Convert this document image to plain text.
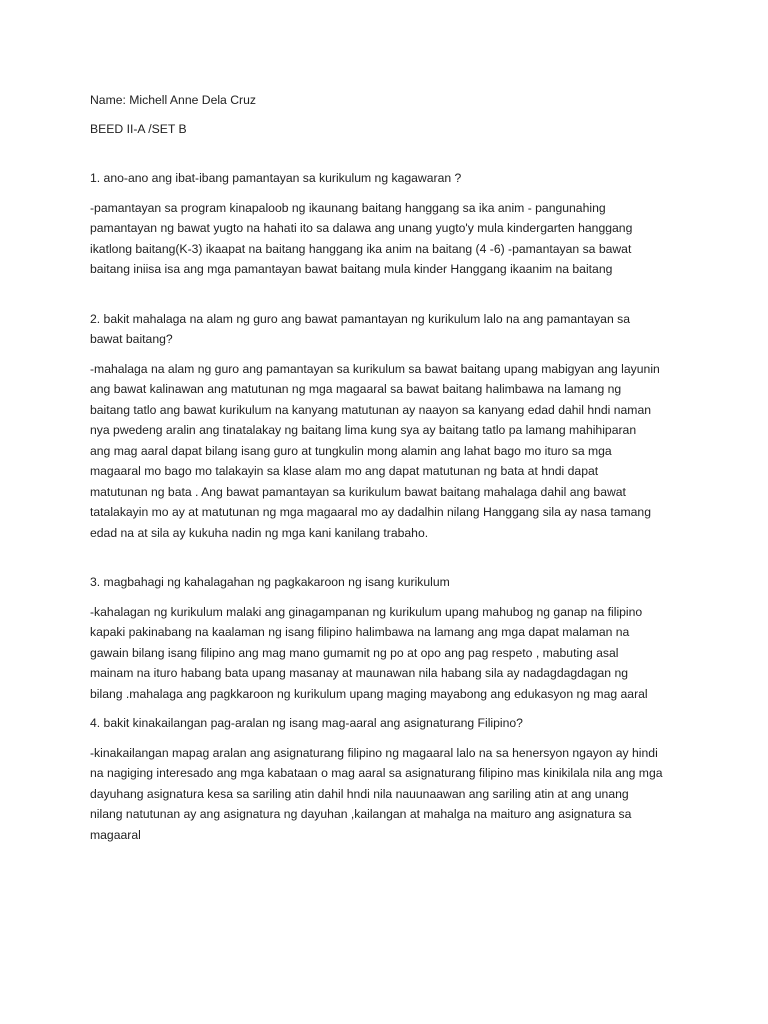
Name: Michell Anne Dela Cruz

BEED II-A /SET B

1. ano-ano ang ibat-ibang pamantayan sa kurikulum ng kagawaran ?

-pamantayan sa program kinapaloob ng ikaunang baitang hanggang sa ika anim - pangunahing
pamantayan ng bawat yugto na hahati ito sa dalawa ang unang yugto'y mula kindergarten hanggang
ikatlong baitang(K-3) ikaapat na baitang hanggang ika anim na baitang (4 -6) -pamantayan sa bawat
baitang iniisa isa ang mga pamantayan bawat baitang mula kinder Hanggang ikaanim na baitang

2. bakit mahalaga na alam ng guro ang bawat pamantayan ng kurikulum lalo na ang pamantayan sa
bawat baitang?

-mahalaga na alam ng guro ang pamantayan sa kurikulum sa bawat baitang upang mabigyan ang layunin
ang bawat kalinawan ang matutunan ng mga magaaral sa bawat baitang halimbawa na lamang ng
baitang tatlo ang bawat kurikulum na kanyang matutunan ay naayon sa kanyang edad dahil hndi naman
nya pwedeng aralin ang tinatalakay ng baitang lima kung sya ay baitang tatlo pa lamang mahihiparan
ang mag aaral dapat bilang isang guro at tungkulin mong alamin ang lahat bago mo ituro sa mga
magaaral mo bago mo talakayin sa klase alam mo ang dapat matutunan ng bata at hndi dapat
matutunan ng bata . Ang bawat pamantayan sa kurikulum bawat baitang mahalaga dahil ang bawat
tatalakayin mo ay at matutunan ng mga magaaral mo ay dadalhin nilang Hanggang sila ay nasa tamang
edad na at sila ay kukuha nadin ng mga kani kanilang trabaho.

3. magbahagi ng kahalagahan ng pagkakaroon ng isang kurikulum

-kahalagan ng kurikulum malaki ang ginagampanan ng kurikulum upang mahubog ng ganap na filipino
kapaki pakinabang na kaalaman ng isang filipino halimbawa na lamang ang mga dapat malaman na
gawain bilang isang filipino ang mag mano gumamit ng po at opo ang pag respeto , mabuting asal
mainam na ituro habang bata upang masanay at maunawan nila habang sila ay nadagdagdagan ng
bilang .mahalaga ang pagkkaroon ng kurikulum upang maging mayabong ang edukasyon ng mag aaral

4. bakit kinakailangan pag-aralan ng isang mag-aaral ang asignaturang Filipino?

-kinakailangan mapag aralan ang asignaturang filipino ng magaaral lalo na sa henersyon ngayon ay hindi
na nagiging interesado ang mga kabataan o mag aaral sa asignaturang filipino mas kinikilala nila ang mga
dayuhang asignatura kesa sa sariling atin dahil hndi nila nauunaawan ang sariling atin at ang unang
nilang natutunan ay ang asignatura ng dayuhan ,kailangan at mahalga na maituro ang asignatura sa
magaaral
